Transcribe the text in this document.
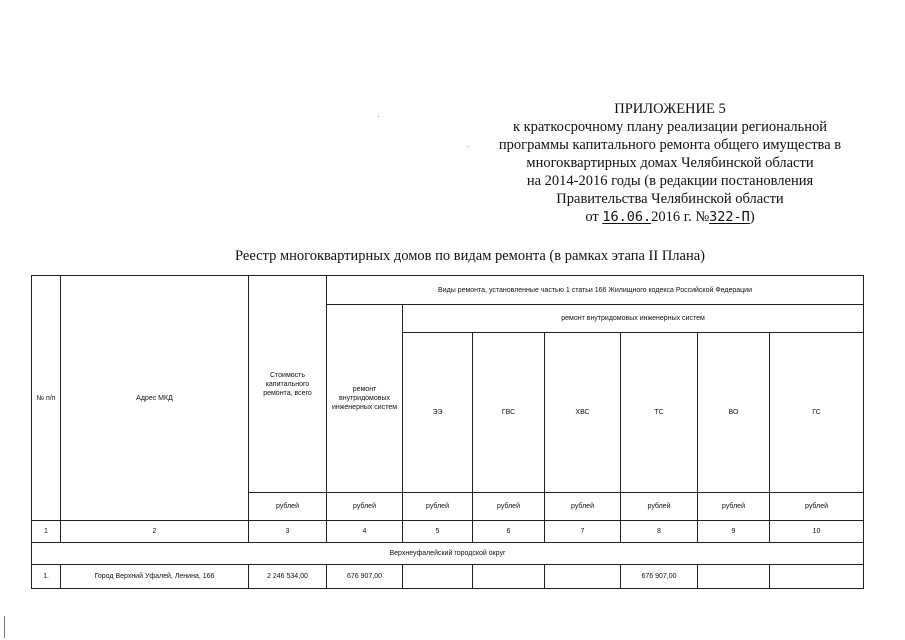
ПРИЛОЖЕНИЕ 5
к краткосрочному плану реализации региональной
программы капитального ремонта общего имущества в
многоквартирных домах Челябинской области
на 2014-2016 годы (в редакции постановления
Правительства Челябинской области
от 16.06.2016 г. №322-П)
Реестр многоквартирных домов по видам ремонта (в рамках этапа II Плана)
№ п/п	Адрес МКД	Стоимость капитального ремонта, всего	Виды ремонта, установленные частью 1 статьи 166 Жилищного кодекса Российской Федерации						
			ремонт внутридомовых инженерных систем	ремонт внутридомовых инженерных систем					
				ЭЭ	ГВС	ХВС	ТС	ВО	ГС
		рублей	рублей	рублей	рублей	рублей	рублей	рублей	рублей
1	2	3	4	5	6	7	8	9	10
Верхнеуфалейский городской округ									
1.	Город Верхний Уфалей, Ленина, 166	2 246 534,00	676 907,00				676 907,00		
